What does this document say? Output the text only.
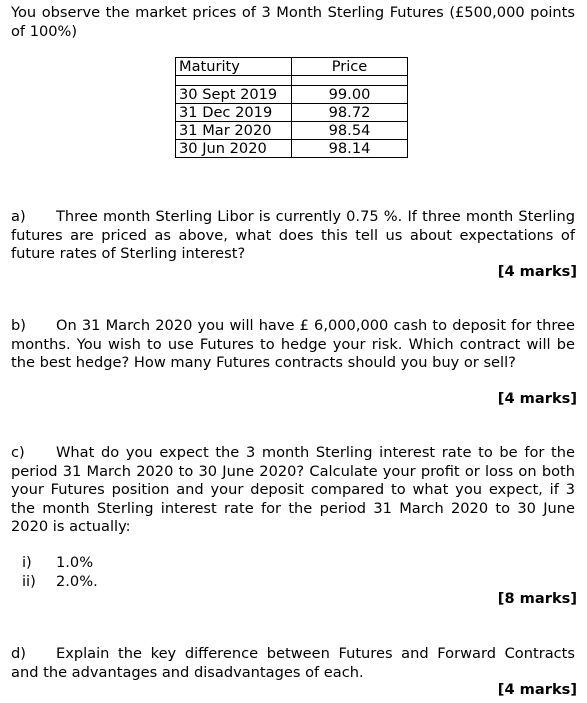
You observe the market prices of 3 Month Sterling Futures (£500,000 points of 100%)

Maturity	Price

30 Sept 2019	99.00
31 Dec 2019	98.72
31 Mar 2020	98.54
30 Jun 2020	98.14

a) Three month Sterling Libor is currently 0.75 %. If three month Sterling futures are priced as above, what does this tell us about expectations of future rates of Sterling interest?

[4 marks]

b) On 31 March 2020 you will have £ 6,000,000 cash to deposit for three months. You wish to use Futures to hedge your risk. Which contract will be the best hedge? How many Futures contracts should you buy or sell?

[4 marks]

c) What do you expect the 3 month Sterling interest rate to be for the period 31 March 2020 to 30 June 2020? Calculate your profit or loss on both your Futures position and your deposit compared to what you expect, if 3 the month Sterling interest rate for the period 31 March 2020 to 30 June 2020 is actually:

i) 1.0%
ii) 2.0%.
[8 marks]

d) Explain the key difference between Futures and Forward Contracts and the advantages and disadvantages of each.

[4 marks]
